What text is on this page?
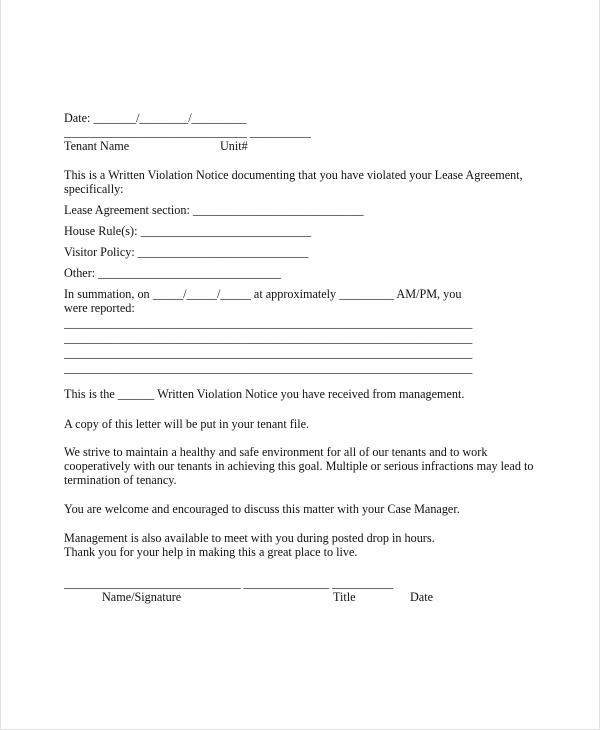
Date: _______/________/_________

______________________________ __________

Tenant Name	Unit#

This is a Written Violation Notice documenting that you have violated your Lease Agreement,

specifically:

Lease Agreement section: ____________________________

House Rule(s): ____________________________

Visitor Policy: ____________________________

Other: ______________________________

In summation, on _____/_____/_____ at approximately _________ AM/PM, you

were reported:

___________________________________________________________________

___________________________________________________________________

___________________________________________________________________

___________________________________________________________________

This is the ______ Written Violation Notice you have received from management.

A copy of this letter will be put in your tenant file.

We strive to maintain a healthy and safe environment for all of our tenants and to work

cooperatively with our tenants in achieving this goal. Multiple or serious infractions may lead to

termination of tenancy.

You are welcome and encouraged to discuss this matter with your Case Manager.

Management is also available to meet with you during posted drop in hours.

Thank you for your help in making this a great place to live.

_____________________________ ______________ __________

Name/Signature	Title	Date
